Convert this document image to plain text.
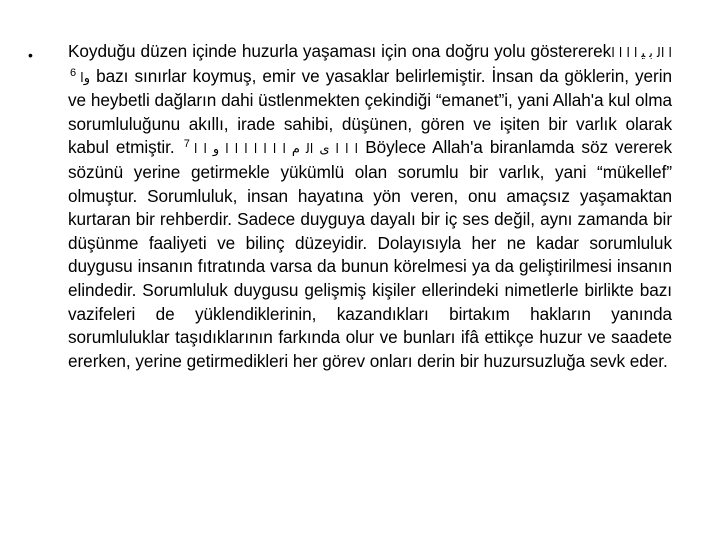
•	Koyduğu düzen içinde huzurla yaşaması için ona doğru yolu göstererekﺍ ﺍﻟ ﺑ ﻴ ﺍ ﺍ ﺍ ﺍ ﻭﺍ$^6$ bazı sınırlar koymuş, emir ve yasaklar belirlemiştir. İnsan da göklerin, yerin ve heybetli dağların dahi üstlenmekten çekindiği “emanet”i, yani Allah'a kul olma sorumluluğunu akıllı, irade sahibi, düşünen, gören ve işiten bir varlık olarak kabul etmiştir. ﺍ ﺍ ﺍ ﻯ ﺍﻟ ﻡ ﺍ ﺍ ﺍ ﺍ ﺍ ﺍ ﺍ ﻭ ﺍ ﺍ$^7$	Böylece Allah'a biranlamda söz vererek sözünü yerine getirmekle yükümlü olan sorumlu bir varlık, yani “mükellef” olmuştur. Sorumluluk, insan hayatına yön veren, onu amaçsız yaşamaktan kurtaran bir rehberdir. Sadece duyguya dayalı bir iç ses değil, aynı zamanda bir düşünme faaliyeti ve bilinç düzeyidir. Dolayısıyla her ne kadar sorumluluk duygusu insanın fıtratında varsa da bunun körelmesi ya da geliştirilmesi insanın elindedir. Sorumluluk duygusu gelişmiş kişiler ellerindeki nimetlerle birlikte bazı vazifeleri de yüklendiklerinin, kazandıkları birtakım hakların yanında sorumluluklar taşıdıklarının farkında olur ve bunları ifâ ettikçe huzur ve saadete ererken, yerine getirmedikleri her görev onları derin bir huzursuzluğa sevk eder.
